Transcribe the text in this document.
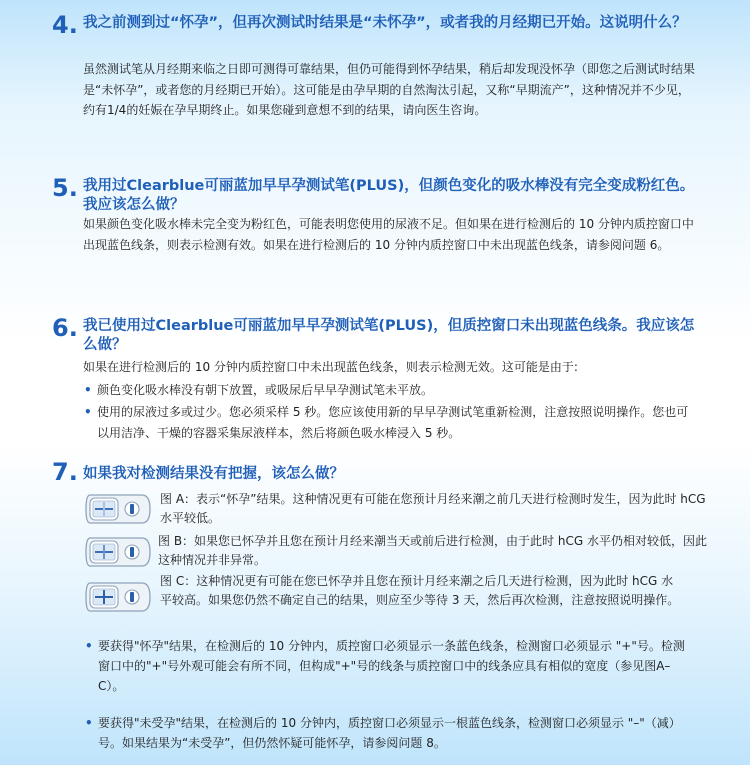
4. 我之前测到过“怀孕”，但再次测试时结果是“未怀孕”，或者我的月经期已开始。这说明什么？
虽然测试笔从月经期来临之日即可测得可靠结果，但仍可能得到怀孕结果，稍后却发现没怀孕（即您之后测试时结果是“未怀孕”，或者您的月经期已开始）。这可能是由孕早期的自然淘汰引起，又称“早期流产”，这种情况并不少见，约有1/4的妊娠在孕早期终止。如果您碰到意想不到的结果，请向医生咨询。
5. 我用过Clearblue可丽蓝加早早孕测试笔(PLUS)，但颜色变化的吸水棒没有完全变成粉红色。我应该怎么做？
如果颜色变化吸水棒未完全变为粉红色，可能表明您使用的尿液不足。但如果在进行检测后的 10 分钟内质控窗口中出现蓝色线条，则表示检测有效。如果在进行检测后的 10 分钟内质控窗口中未出现蓝色线条，请参阅问题 6。
6. 我已使用过Clearblue可丽蓝加早早孕测试笔(PLUS)，但质控窗口未出现蓝色线条。我应该怎么做？
如果在进行检测后的 10 分钟内质控窗口中未出现蓝色线条，则表示检测无效。这可能是由于:
• 颜色变化吸水棒没有朝下放置，或吸尿后早早孕测试笔未平放。
• 使用的尿液过多或过少。您必须采样 5 秒。您应该使用新的早早孕测试笔重新检测，注意按照说明操作。您也可以用洁净、干燥的容器采集尿液样本，然后将颜色吸水棒浸入 5 秒。
7. 如果我对检测结果没有把握，该怎么做？
图 A：表示“怀孕”结果。这种情况更有可能在您预计月经来潮之前几天进行检测时发生，因为此时 hCG 水平较低。
图 B：如果您已怀孕并且您在预计月经来潮当天或前后进行检测，由于此时 hCG 水平仍相对较低，因此这种情况并非异常。
图 C：这种情况更有可能在您已怀孕并且您在预计月经来潮之后几天进行检测，因为此时 hCG 水平较高。如果您仍然不确定自己的结果，则应至少等待 3 天，然后再次检测，注意按照说明操作。
• 要获得"怀孕"结果，在检测后的 10 分钟内，质控窗口必须显示一条蓝色线条，检测窗口必须显示 "+"号。检测窗口中的"+"号外观可能会有所不同，但构成"+"号的线条与质控窗口中的线条应具有相似的宽度（参见图A–C）。
• 要获得"未受孕"结果，在检测后的 10 分钟内，质控窗口必须显示一根蓝色线条，检测窗口必须显示 "–"（减）号。如果结果为“未受孕”，但仍然怀疑可能怀孕，请参阅问题 8。
